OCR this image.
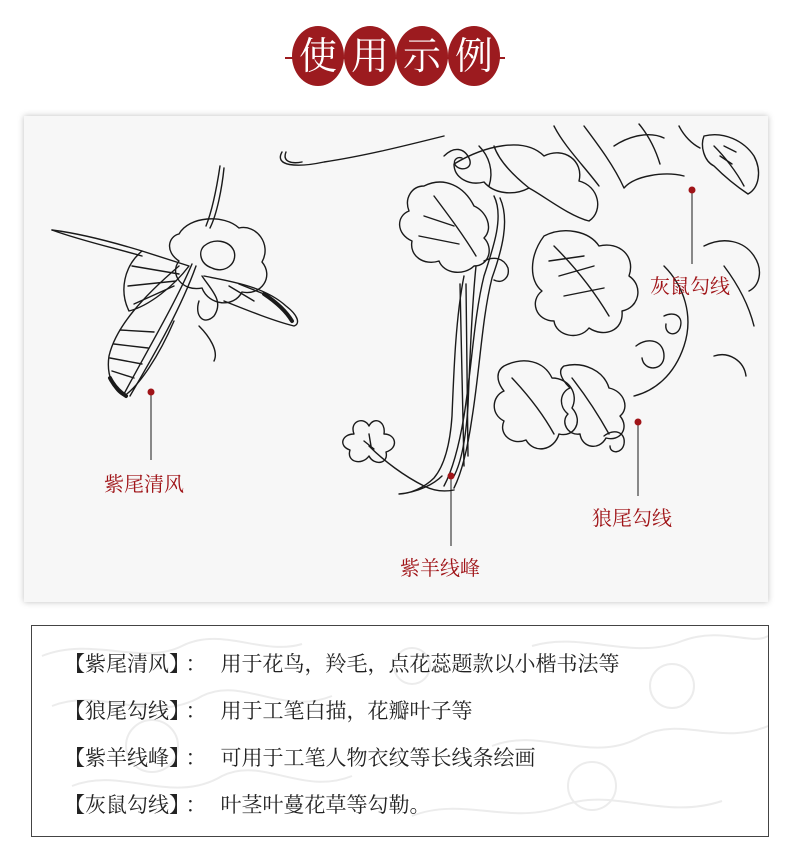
使 用 示 例
紫尾清风
紫羊线峰
狼尾勾线
灰鼠勾线
【紫尾清风】 ： 用于花鸟，羚毛，点花蕊题款以小楷书法等
【狼尾勾线】 ： 用于工笔白描，花瓣叶子等
【紫羊线峰】 ： 可用于工笔人物衣纹等长线条绘画
【灰鼠勾线】 ： 叶茎叶蔓花草等勾勒。
